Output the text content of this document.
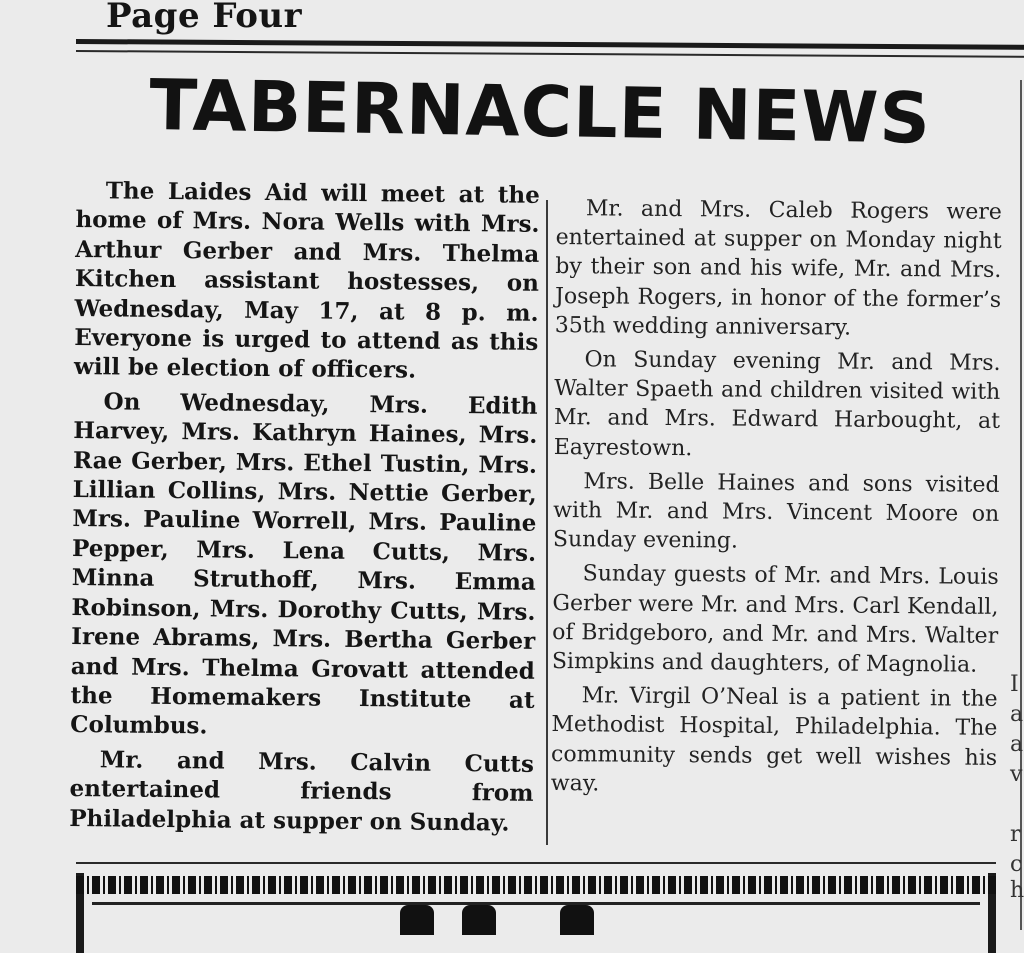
Page Four
TABERNACLE NEWS

The Laides Aid will meet at the home of Mrs. Nora Wells with Mrs. Arthur Gerber and Mrs. Thelma Kitchen assistant hostesses, on Wednesday, May 17, at 8 p. m. Everyone is urged to attend as this will be election of officers.

On Wednesday, Mrs. Edith Harvey, Mrs. Kathryn Haines, Mrs. Rae Gerber, Mrs. Ethel Tustin, Mrs. Lillian Collins, Mrs. Nettie Gerber, Mrs. Pauline Worrell, Mrs. Pauline Pepper, Mrs. Lena Cutts, Mrs. Minna Struthoff, Mrs. Emma Robinson, Mrs. Dorothy Cutts, Mrs. Irene Abrams, Mrs. Bertha Gerber and Mrs. Thelma Grovatt attended the Homemakers Institute at Columbus.

Mr. and Mrs. Calvin Cutts entertained friends from Philadelphia at supper on Sunday.

Mr. and Mrs. Caleb Rogers were entertained at supper on Monday night by their son and his wife, Mr. and Mrs. Joseph Rogers, in honor of the former’s 35th wedding anniversary.

On Sunday evening Mr. and Mrs. Walter Spaeth and children visited with Mr. and Mrs. Edward Harbought, at Eayrestown.

Mrs. Belle Haines and sons visited with Mr. and Mrs. Vincent Moore on Sunday evening.

Sunday guests of Mr. and Mrs. Louis Gerber were Mr. and Mrs. Carl Kendall, of Bridgeboro, and Mr. and Mrs. Walter Simpkins and daughters, of Magnolia.

Mr. Virgil O’Neal is a patient in the Methodist Hospital, Philadelphia. The community sends get well wishes his way.

I
a
a
v
r
c
h
